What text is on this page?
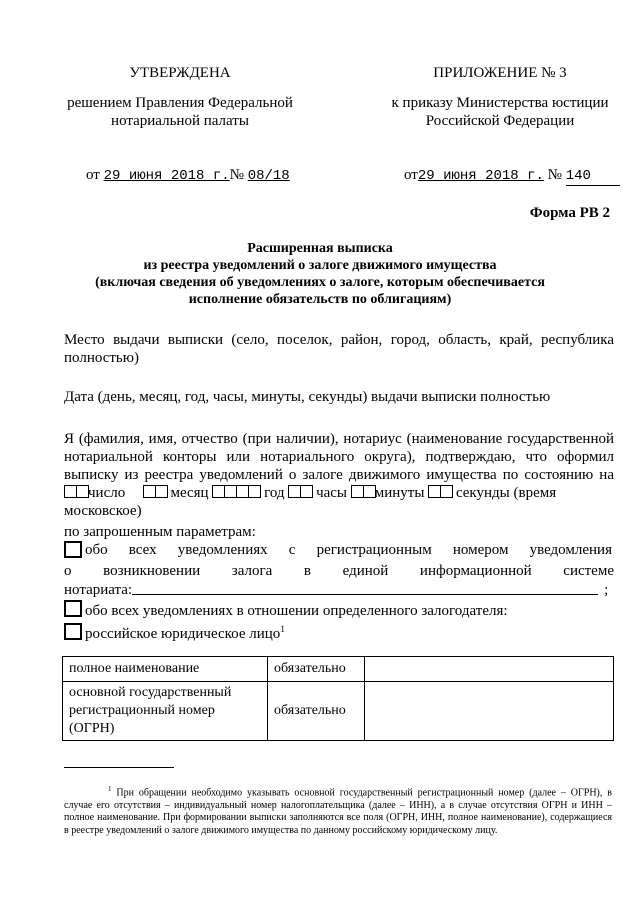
УТВЕРЖДЕНА
решением Правления Федеральной
нотариальной палаты
от 29 июня 2018 г.№ 08/18
ПРИЛОЖЕНИЕ № 3
к приказу Министерства юстиции
Российской Федерации
от29 июня 2018 г. № 140
Форма РВ 2
Расширенная выписка
из реестра уведомлений о залоге движимого имущества
(включая сведения об уведомлениях о залоге, которым обеспечивается
исполнение обязательств по облигациям)
Место выдачи выписки (село, поселок, район, город, область, край, республика
полностью)
Дата (день, месяц, год, часы, минуты, секунды) выдачи выписки полностью
Я (фамилия, имя, отчество (при наличии), нотариус (наименование государственной
нотариальной конторы или нотариального округа), подтверждаю, что оформил
выписку из реестра уведомлений о залоге движимого имущества по состоянию на
число	месяц	год часы минуты секунды (время
московское)
по запрошенным параметрам:
обо всех уведомлениях с регистрационным номером уведомления
о возникновении залога в единой информационной системе
нотариата:	;
обо всех уведомлениях в отношении определенного залогодателя:
российское юридическое лицо$^1$
полное наименование	обязательно	
основной государственный регистрационный номер (ОГРН)	обязательно	
$^1$ При обращении необходимо указывать основной государственный регистрационный номер (далее – ОГРН), в случае его отсутствия – индивидуальный номер налогоплательщика (далее – ИНН), а в случае отсутствия ОГРН и ИНН – полное наименование. При формировании выписки заполняются все поля (ОГРН, ИНН, полное наименование), содержащиеся в реестре уведомлений о залоге движимого имущества по данному российскому юридическому лицу.
